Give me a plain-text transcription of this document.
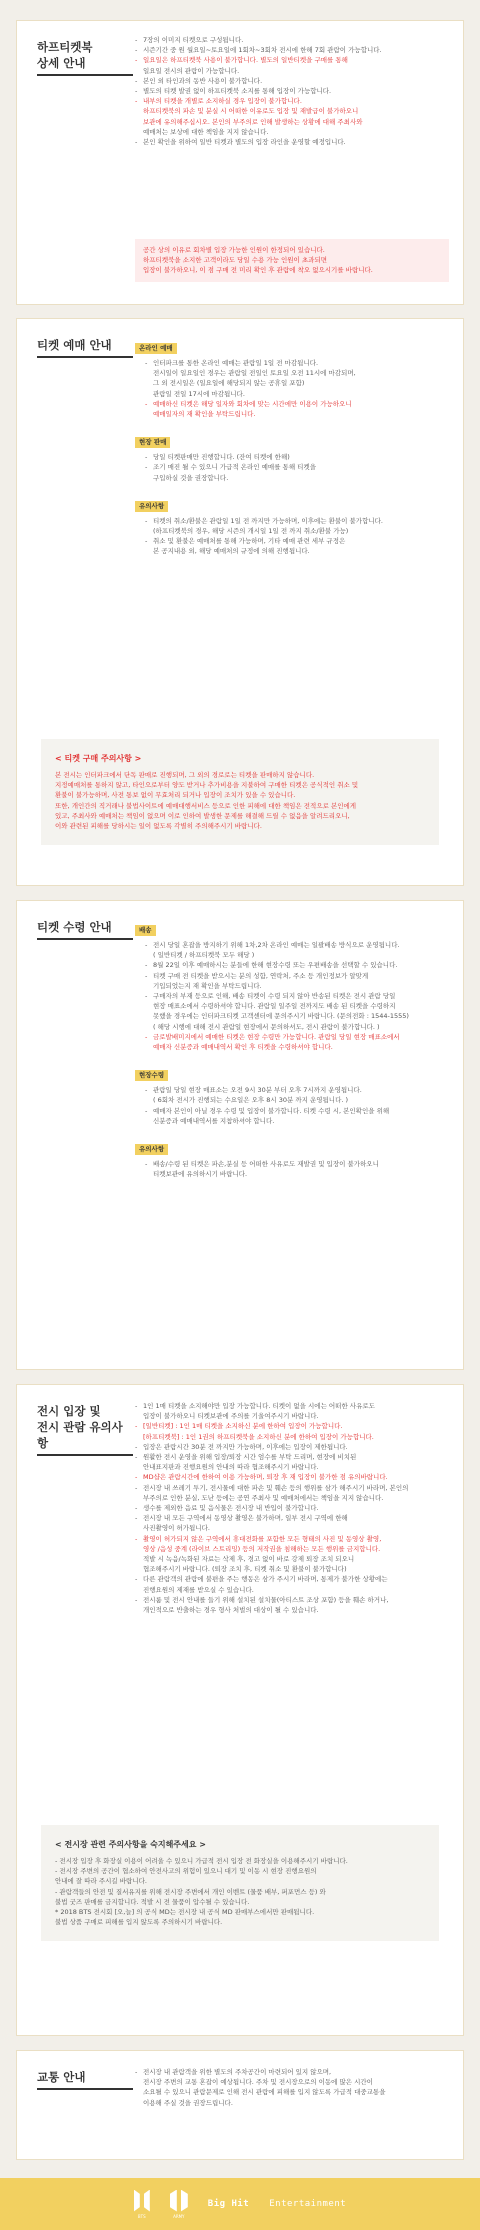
하프티켓북
상세 안내
- 7장의 이미지 티켓으로 구성됩니다.
- 시즌기간 중 원 월요일~토요일에 1회차~3회차 전시에 한해 7회 관람이 가능합니다.
- 일요일은 하프티켓북 사용이 불가합니다. 별도의 일반티켓을 구매를 통해
일요일 전시의 관람이 가능합니다.
- 본인 외 타인과의 동반 사용이 불가합니다.
- 별도의 티켓 발권 없이 하프티켓북 소지를 통해 입장이 가능합니다.
- 내부의 티켓을 개별로 소지하실 경우 입장이 불가합니다.
하프티켓북의 파손 및 분실 시 어떠한 이유로도 입장 및 재발급이 불가하오니
보관에 유의해주십시오. 본인의 부주의로 인해 발생하는 상황에 대해 주최사와
예매처는 보상에 대한 책임을 지지 않습니다.
- 본인 확인을 위하여 일반 티켓과 별도의 입장 라인을 운영할 예정입니다.
공간 상의 이유로 회차별 입장 가능한 인원이 한정되어 있습니다.
하프티켓북을 소지한 고객이라도 당일 수용 가능 인원이 초과되면
입장이 불가하오니, 이 점 구매 전 미리 확인 후 관람에 착오 없으시기를 바랍니다.
티켓 예매 안내	온라인 예매
- 인터파크를 통한 온라인 예매는 관람일 1일 전 마감됩니다.
전시일이 일요일인 경우는 관람일 전일인 토요일 오전 11시에 마감되며,
그 외 전시일은 (일요일에 해당되지 않는 공휴일 포함)
관람일 전일 17시에 마감됩니다.
- 예매하신 티켓은 해당 일자와 회차에 맞는 시간에만 이용이 가능하오니
예매일자의 재 확인을 부탁드립니다.
현장 판매
- 당일 티켓판매만 진행합니다. (잔여 티켓에 한해)
- 조기 매진 될 수 있으니 가급적 온라인 예매를 통해 티켓을
구입하실 것을 권장합니다.
유의사항
- 티켓의 취소/환불은 관람일 1일 전 까지만 가능하며, 이후에는 환불이 불가합니다.
(하프티켓북의 경우, 해당 시즌의 개시일 1일 전 까지 취소/환불 가능)
- 취소 및 환불은 예매처를 통해 가능하며, 기타 예매 관련 세부 규정은
본 공지내용 외, 해당 예매처의 규정에 의해 진행됩니다.
< 티켓 구매 주의사항 >
본 전시는 인터파크에서 단독 판매로 진행되며, 그 외의 경로로는 티켓을 판매하지 않습니다.
지정예매처를 통하지 않고, 타인으로부터 양도 받거나 추가비용을 지불하여 구매한 티켓은 공식적인 취소 및
환불이 불가능하며, 사전 통보 없이 무효처리 되거나 입장이 조치가 있을 수 있습니다.
또한, 개인간의 직거래나 불법사이트에 예매대행서비스 등으로 인한 피해에 대한 책임은 전적으로 본인에게
있고, 주최사와 예매처는 책임이 없으며 이로 인하여 발생한 문제를 해결해 드릴 수 없음을 알려드리오니,
이와 관련된 피해를 당하시는 일이 없도록 각별히 주의해주시기 바랍니다.
티켓 수령 안내	배송
- 전시 당일 혼잡을 방지하기 위해 1차,2차 온라인 예매는 일괄배송 방식으로 운영됩니다.
( 일반티켓 / 하프티켓북 모두 해당 )
- 8월 22일 이후 예매하시는 분들에 한해 현장수령 또는 우편배송을 선택할 수 있습니다.
- 티켓 구매 전 티켓을 받으시는 분의 성함, 연락처, 주소 등 개인정보가 알맞게
기입되었는지 재 확인을 부탁드립니다.
- 구매자의 부재 등으로 인해, 배송 티켓이 수령 되지 않아 반송된 티켓은 전시 관람 당일
현장 매표소에서 수령하셔야 합니다. 관람일 일주일 전까지도 배송 된 티켓을 수령하지
못했을 경우에는 인터파크티켓 고객센터에 문의주시기 바랍니다. (문의전화 : 1544-1555)
( 해당 시행에 대해 전시 관람일 현장에서 문의하셔도, 전시 관람이 불가합니다. )
- 금로발배미지에서 예매한 티켓은 현장 수령만 가능합니다. 관람일 당일 현장 매표소에서
예매자 신분증과 예매내역서 확인 후 티켓을 수령하셔야 합니다.
현장수령
- 관람일 당일 현장 매표소는 오전 9시 30분 부터 오후 7시까지 운영됩니다.
( 6회차 전시가 진행되는 수요일은 오후 8시 30분 까지 운영됩니다. )
- 예매자 본인이 아닐 경우 수령 및 입장이 불가합니다. 티켓 수령 시, 본인확인을 위해
신분증과 예매내역서를 지참하셔야 합니다.
유의사항
- 배송/수령 된 티켓은 파손,분실 등 어떠한 사유로도 재발권 및 입장이 불가하오니
티켓보관에 유의하시기 바랍니다.
전시 입장 및
전시 관람 유의사항
- 1인 1매 티켓을 소지해야만 입장 가능합니다. 티켓이 없을 시에는 어떠한 사유로도
입장이 불가하오니 티켓보관에 주의를 기울여주시기 바랍니다.
- [일반티켓] : 1인 1매 티켓을 소지하신 분에 한하여 입장이 가능합니다.
[하프티켓북] : 1인 1권의 하프티켓북을 소지하신 분에 한하여 입장이 가능합니다.
- 입장은 관람시간 30분 전 까지만 가능하며, 이후에는 입장이 제한됩니다.
- 원활한 전시 운영을 위해 입장/퇴장 시간 엄수를 부탁 드리며, 현장에 비치된
안내표지판과 진행요원의 안내의 따라 협조해주시기 바랍니다.
- MD샵은 관람시간에 한하여 이용 가능하며, 퇴장 후 재 입장이 불가한 점 유의바랍니다.
- 전시장 내 쓰레기 투기, 전시물에 대한 파손 및 훼손 등의 행위를 삼가 해주시기 바라며, 본인의
부주의로 인한 분실, 도난 등에는 공연 주최사 및 예매처에서는 책임을 지지 않습니다.
- 생수를 제외한 음료 및 음식물은 전시장 내 반입이 불가합니다.
- 전시장 내 모든 구역에서 동영상 촬영은 불가하며, 일부 전시 구역에 한해
사진촬영이 허가됩니다.
- 촬영이 허가되지 않은 구역에서 휴대전화를 포함한 모든 형태의 사진 및 동영상 촬영,
영상 /음성 중계 (라이브 스트리밍) 등의 저작권을 침해하는 모든 행위를 금지합니다.
적발 시 녹음/녹화된 자료는 삭제 후, 경고 없이 바로 강제 퇴장 조치 되오니
협조해주시기 바랍니다. (퇴장 조치 후, 티켓 취소 및 환불이 불가합니다)
- 다른 관람객의 관람에 불편을 주는 행동은 삼가 주시기 바라며, 통제가 불가한 상황에는
진행요원의 제재를 받으실 수 있습니다.
- 전시룸 및 전시 안내를 들기 위해 설치된 설치물(아티스트 조상 포함) 등을 훼손 하거나,
개인적으로 반출하는 경우 형사 처벌의 대상이 될 수 있습니다.
< 전시장 관련 주의사항을 숙지해주세요 >
- 전시장 입장 후 화장실 이용이 어려울 수 있으니 가급적 전시 입장 전 화장실을 이용해주시기 바랍니다.
- 전시장 주변의 공간이 협소하여 안전사고의 위험이 있으니 대기 및 이동 시 현장 진행요원의
안내에 잘 따라 주시길 바랍니다.
- 관람객들의 안전 및 질서유지를 위해 전시장 주변에서 개인 이벤트 (물품 배부, 퍼포먼스 등) 와
불법 굿즈 판매를 금지합니다. 적발 시 전 물품이 압수될 수 있습니다.
* 2018 BTS 전시회 [오,늘] 의 공식 MD는 전시장 내 공식 MD 판매부스에서만 판매됩니다.
불법 상품 구매로 피해를 입지 않도록 주의하시기 바랍니다.
교통 안내	- 전시장 내 관람객을 위한 별도의 주차공간이 마련되어 있지 않으며,
전시장 주변의 교통 혼잡이 예상됩니다. 주차 및 전시장으로의 이동에 많은 시간이
소요될 수 있으니 관람문제로 인해 전시 관람에 피해를 입지 않도록 가급적 대중교통을
이용해 주실 것을 권장드립니다.
BTS	ARMY
Big Hit Entertainment
